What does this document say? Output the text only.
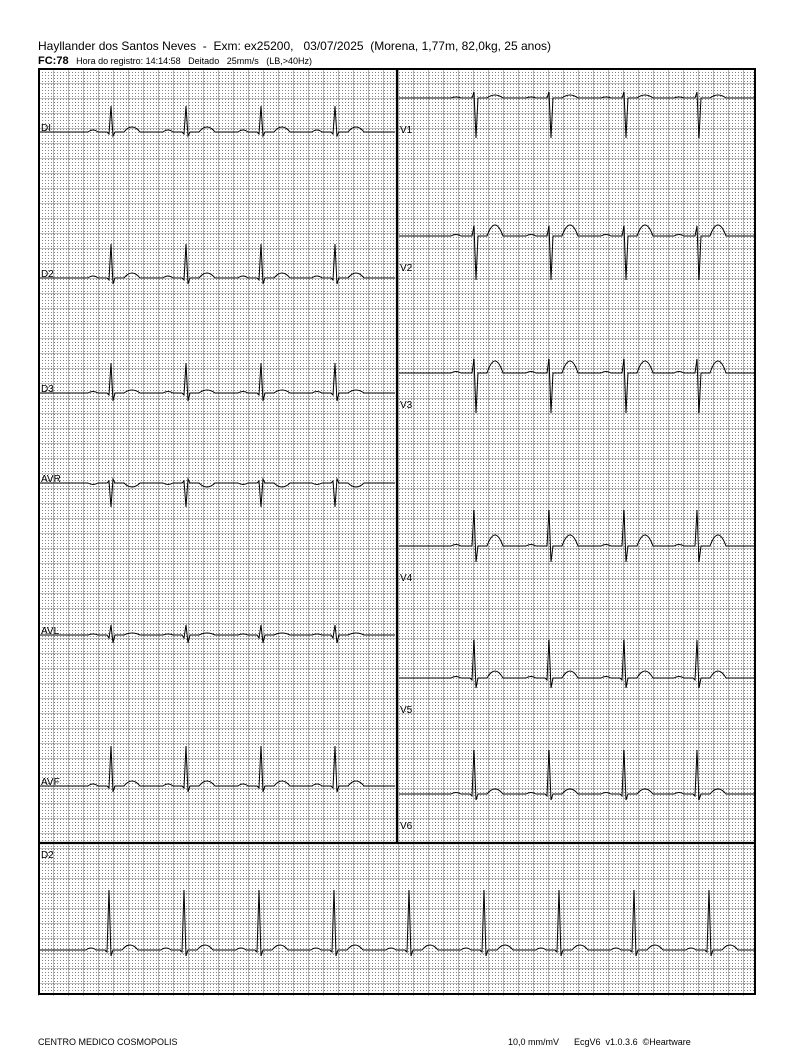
Hayllander dos Santos Neves - Exm: ex25200, 03/07/2025 (Morena, 1,77m, 82,0kg, 25 anos)
FC:78 Hora do registro: 14:14:58 Deitado 25mm/s (LB,>40Hz)
DI
D2
D3
AVR
AVL
AVF
V1
V2
V3
V4
V5
V6
D2
CENTRO MEDICO COSMOPOLIS	10,0 mm/mV EcgV6  v1.0.3.6  ©Heartware
